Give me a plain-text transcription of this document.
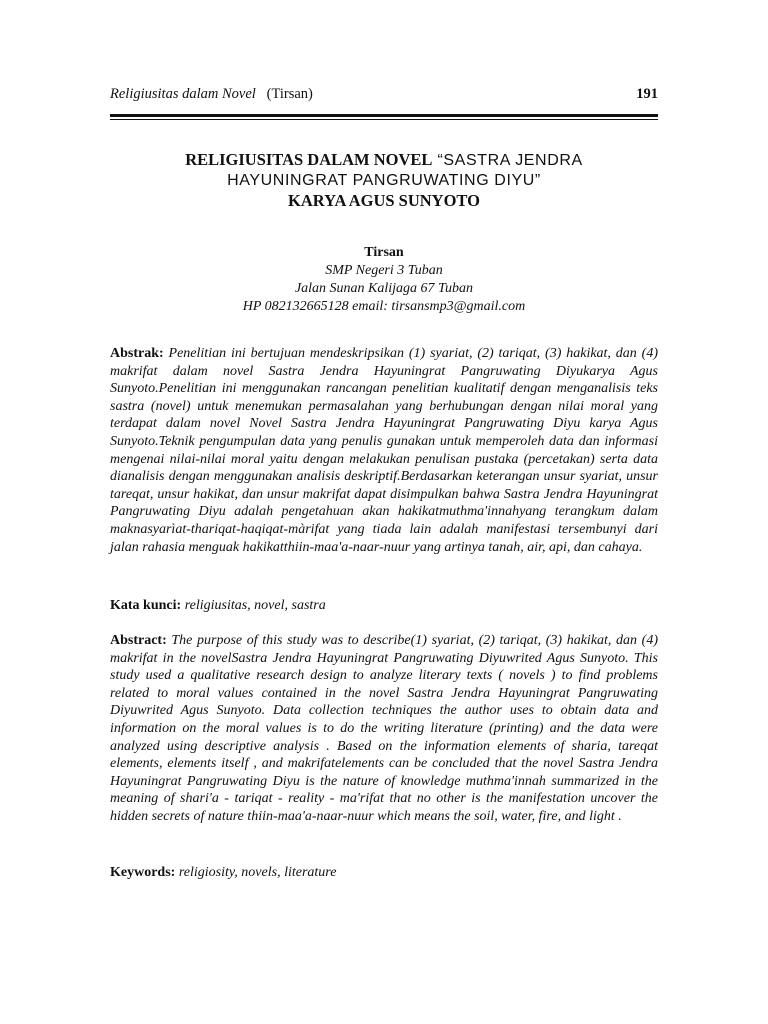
Religiusitas dalam Novel (Tirsan)	191
RELIGIUSITAS DALAM NOVEL “SASTRA JENDRA
HAYUNINGRAT PANGRUWATING DIYU”
KARYA AGUS SUNYOTO
Tirsan
SMP Negeri 3 Tuban
Jalan Sunan Kalijaga 67 Tuban
HP 082132665128 email: tirsansmp3@gmail.com
Abstrak: Penelitian ini bertujuan mendeskripsikan (1) syariat, (2) tariqat, (3) hakikat, dan (4) makrifat dalam novel Sastra Jendra Hayuningrat Pangruwating Diyukarya Agus Sunyoto.Penelitian ini menggunakan rancangan penelitian kualitatif dengan menganalisis teks sastra (novel) untuk menemukan permasalahan yang berhubungan dengan nilai moral yang terdapat dalam novel Novel Sastra Jendra Hayuningrat Pangruwating Diyu karya Agus Sunyoto.Teknik pengumpulan data yang penulis gunakan untuk memperoleh data dan informasi mengenai nilai-nilai moral yaitu dengan melakukan penulisan pustaka (percetakan) serta data dianalisis dengan menggunakan analisis deskriptif.Berdasarkan keterangan unsur syariat, unsur tareqat, unsur hakikat, dan unsur makrifat dapat disimpulkan bahwa Sastra Jendra Hayuningrat Pangruwating Diyu adalah pengetahuan akan hakikatmuthma'innahyang terangkum dalam maknasyarìat-thariqat-haqiqat-màrifat yang tiada lain adalah manifestasi tersembunyi dari jalan rahasia menguak hakikatthiin-maa'a-naar-nuur yang artinya tanah, air, api, dan cahaya.
Kata kunci: religiusitas, novel, sastra
Abstract: The purpose of this study was to describe(1) syariat, (2) tariqat, (3) hakikat, dan (4) makrifat in the novelSastra Jendra Hayuningrat Pangruwating Diyuwrited Agus Sunyoto. This study used a qualitative research design to analyze literary texts ( novels ) to find problems related to moral values contained in the novel Sastra Jendra Hayuningrat Pangruwating Diyuwrited Agus Sunyoto. Data collection techniques the author uses to obtain data and information on the moral values is to do the writing literature (printing) and the data were analyzed using descriptive analysis . Based on the information elements of sharia, tareqat elements, elements itself , and makrifatelements can be concluded that the novel Sastra Jendra Hayuningrat Pangruwating Diyu is the nature of knowledge muthma'innah summarized in the meaning of shari'a - tariqat - reality - ma'rifat that no other is the manifestation uncover the hidden secrets of nature thiin-maa'a-naar-nuur which means the soil, water, fire, and light .
Keywords: religiosity, novels, literature
